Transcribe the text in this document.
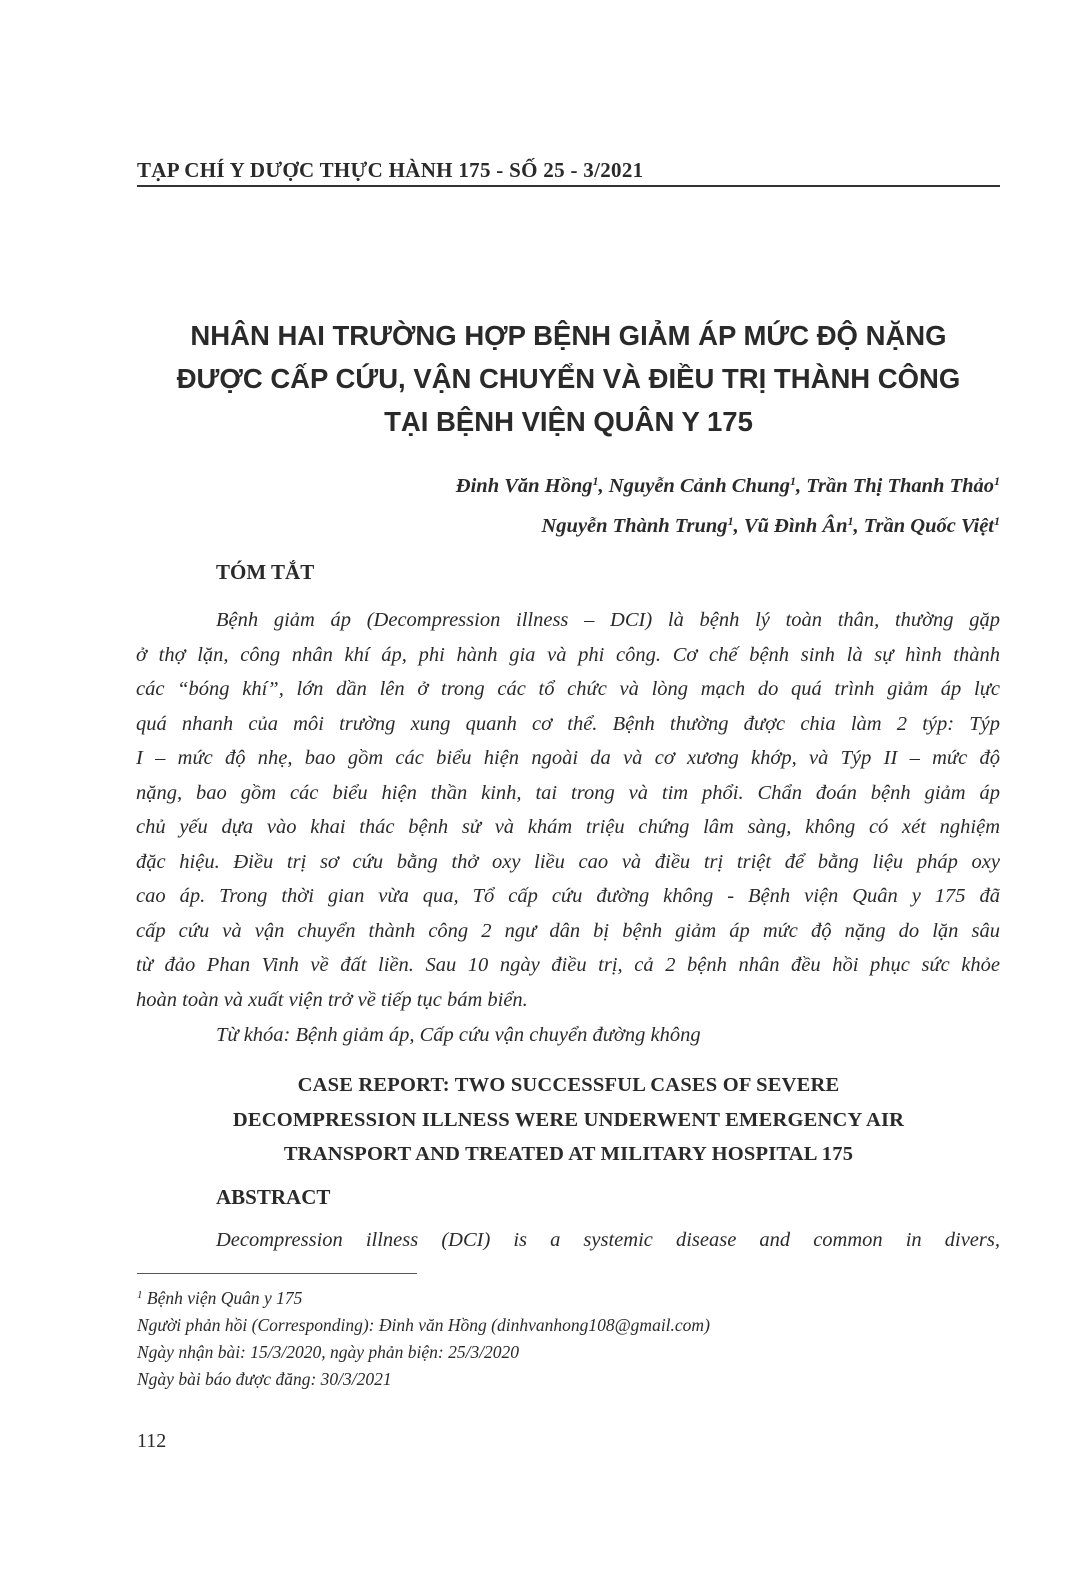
TẠP CHÍ Y DƯỢC THỰC HÀNH 175 - SỐ 25 - 3/2021
NHÂN HAI TRƯỜNG HỢP BỆNH GIẢM ÁP MỨC ĐỘ NẶNG
ĐƯỢC CẤP CỨU, VẬN CHUYỂN VÀ ĐIỀU TRỊ THÀNH CÔNG
TẠI BỆNH VIỆN QUÂN Y 175
Đinh Văn Hồng$^1$, Nguyễn Cảnh Chung$^1$, Trần Thị Thanh Thảo$^1$
Nguyễn Thành Trung$^1$, Vũ Đình $Ân^1$, Trần Quốc Việt$^1$
TÓM TẮT
Bệnh giảm áp (Decompression illness – DCI) là bệnh lý toàn thân, thường gặp
ở thợ lặn, công nhân khí áp, phi hành gia và phi công. Cơ chế bệnh sinh là sự hình thành
các “bóng khí”, lớn dần lên ở trong các tổ chức và lòng mạch do quá trình giảm áp lực
quá nhanh của môi trường xung quanh cơ thể. Bệnh thường được chia làm 2 týp: Týp
I – mức độ nhẹ, bao gồm các biểu hiện ngoài da và cơ xương khớp, và Týp II – mức độ
nặng, bao gồm các biểu hiện thần kinh, tai trong và tim phổi. Chẩn đoán bệnh giảm áp
chủ yếu dựa vào khai thác bệnh sử và khám triệu chứng lâm sàng, không có xét nghiệm
đặc hiệu. Điều trị sơ cứu bằng thở oxy liều cao và điều trị triệt để bằng liệu pháp oxy
cao áp. Trong thời gian vừa qua, Tổ cấp cứu đường không - Bệnh viện Quân y 175 đã
cấp cứu và vận chuyển thành công 2 ngư dân bị bệnh giảm áp mức độ nặng do lặn sâu
từ đảo Phan Vinh về đất liền. Sau 10 ngày điều trị, cả 2 bệnh nhân đều hồi phục sức khỏe
hoàn toàn và xuất viện trở về tiếp tục bám biển.
Từ khóa: Bệnh giảm áp, Cấp cứu vận chuyển đường không
CASE REPORT: TWO SUCCESSFUL CASES OF SEVERE
DECOMPRESSION ILLNESS WERE UNDERWENT EMERGENCY AIR
TRANSPORT AND TREATED AT MILITARY HOSPITAL 175
ABSTRACT
Decompression illness (DCI) is a systemic disease and common in divers,
$^1$ Bệnh viện Quân y 175
Người phản hồi (Corresponding): Đinh văn Hồng (dinhvanhong108@gmail.com)
Ngày nhận bài: 15/3/2020, ngày phản biện: 25/3/2020
Ngày bài báo được đăng: 30/3/2021
112
